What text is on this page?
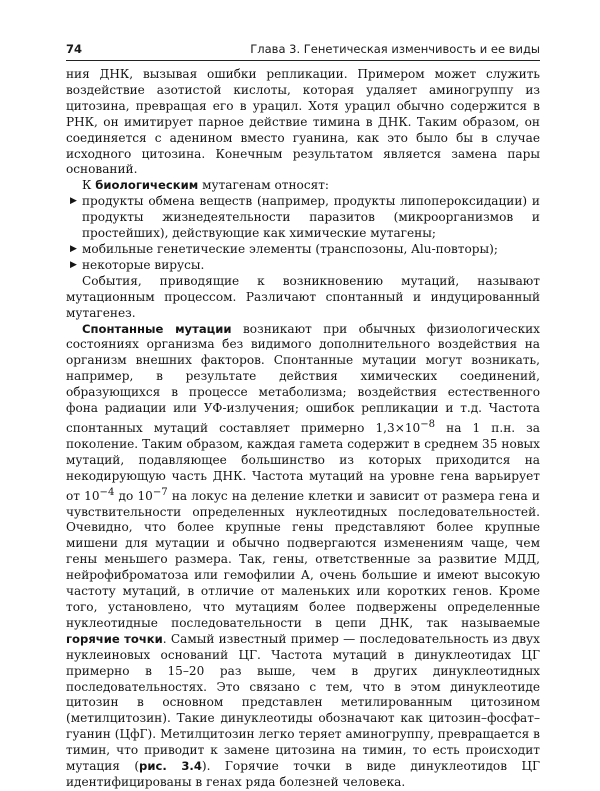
74	Глава 3. Генетическая изменчивость и ее виды

ния ДНК, вызывая ошибки репликации. Примером может служить воздействие азотистой кислоты, которая удаляет аминогруппу из цитозина, превращая его в урацил. Хотя урацил обычно содержится в РНК, он имитирует парное действие тимина в ДНК. Таким образом, он соединяется с аденином вместо гуанина, как это было бы в случае исходного цитозина. Конечным результатом является замена пары оснований.

К биологическим мутагенам относят:

▶ продукты обмена веществ (например, продукты липопероксидации) и продукты жизнедеятельности паразитов (микроорганизмов и простейших), действующие как химические мутагены;

▶ мобильные генетические элементы (транспозоны, Alu-повторы);

▶ некоторые вирусы.

События, приводящие к возникновению мутаций, называют мутационным процессом. Различают спонтанный и индуцированный мутагенез.

Спонтанные мутации возникают при обычных физиологических состояниях организма без видимого дополнительного воздействия на организм внешних факторов. Спонтанные мутации могут возникать, например, в результате действия химических соединений, образующихся в процессе метаболизма; воздействия естественного фона радиации или УФ-излучения; ошибок репликации и т.д. Частота спонтанных мутаций составляет примерно $1,3\times 10^{-8}$ на 1 п.н. за поколение. Таким образом, каждая гамета содержит в среднем 35 новых мутаций, подавляющее большинство из которых приходится на некодирующую часть ДНК. Частота мутаций на уровне гена варьирует от $10^{-4}$ до $10^{-7}$ на локус на деление клетки и зависит от размера гена и чувствительности определенных нуклеотидных последовательностей. Очевидно, что более крупные гены представляют более крупные мишени для мутации и обычно подвергаются изменениям чаще, чем гены меньшего размера. Так, гены, ответственные за развитие МДД, нейрофиброматоза или гемофилии А, очень большие и имеют высокую частоту мутаций, в отличие от маленьких или коротких генов. Кроме того, установлено, что мутациям более подвержены определенные нуклеотидные последовательности в цепи ДНК, так называемые горячие точки. Самый известный пример — последовательность из двух нуклеиновых оснований ЦГ. Частота мутаций в динуклеотидах ЦГ примерно в 15–20 раз выше, чем в других динуклеотидных последовательностях. Это связано с тем, что в этом динуклеотиде цитозин в основном представлен метилированным цитозином (метилцитозин). Такие динуклеотиды обозначают как цитозин–фосфат–гуанин (ЦфГ). Метилцитозин легко теряет аминогруппу, превращается в тимин, что приводит к замене цитозина на тимин, то есть происходит мутация (рис. 3.4). Горячие точки в виде динуклеотидов ЦГ идентифицированы в генах ряда болезней человека.
